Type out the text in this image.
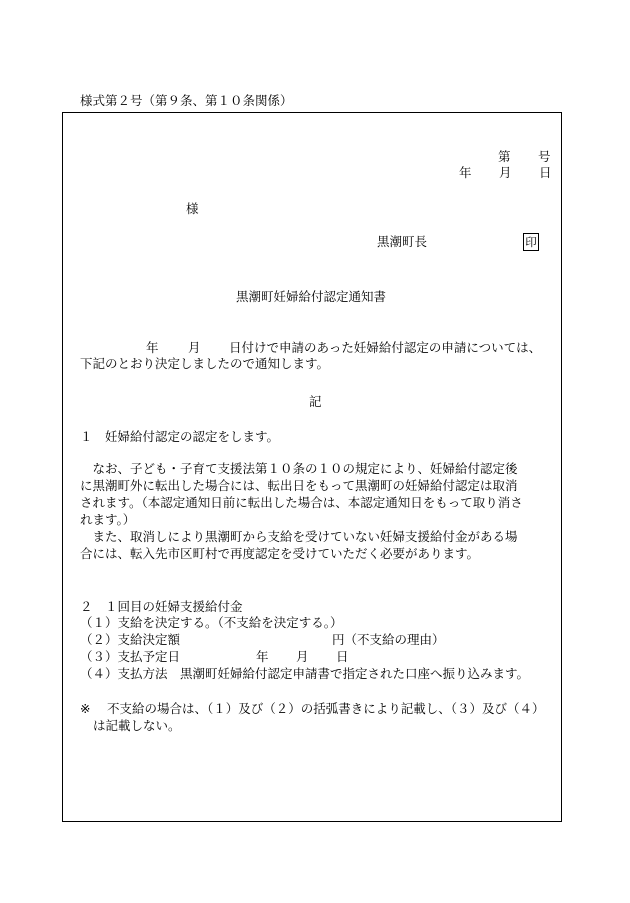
様式第２号（第９条、第１０条関係）
第 号
年 月 日
様
黒潮町長	印
黒潮町妊婦給付認定通知書
年 月 日付けで申請のあった妊婦給付認定の申請については、
下記のとおり決定しましたので通知します。
記
１　妊婦給付認定の認定をします。
　なお、子ども・子育て支援法第１０条の１０の規定により、妊婦給付認定後
に黒潮町外に転出した場合には、転出日をもって黒潮町の妊婦給付認定は取消
されます。（本認定通知日前に転出した場合は、本認定通知日をもって取り消さ
れます。）
　また、取消しにより黒潮町から支給を受けていない妊婦支援給付金がある場
合には、転入先市区町村で再度認定を受けていただく必要があります。
２　１回目の妊婦支援給付金
（１）支給を決定する。（不支給を決定する。）
（２）支給決定額	円（不支給の理由）
（３）支払予定日	年 月 日
（４）支払方法　黒潮町妊婦給付認定申請書で指定された口座へ振り込みます。
※ 不支給の場合は、（１）及び（２）の括弧書きにより記載し、（３）及び（４）
は記載しない。
